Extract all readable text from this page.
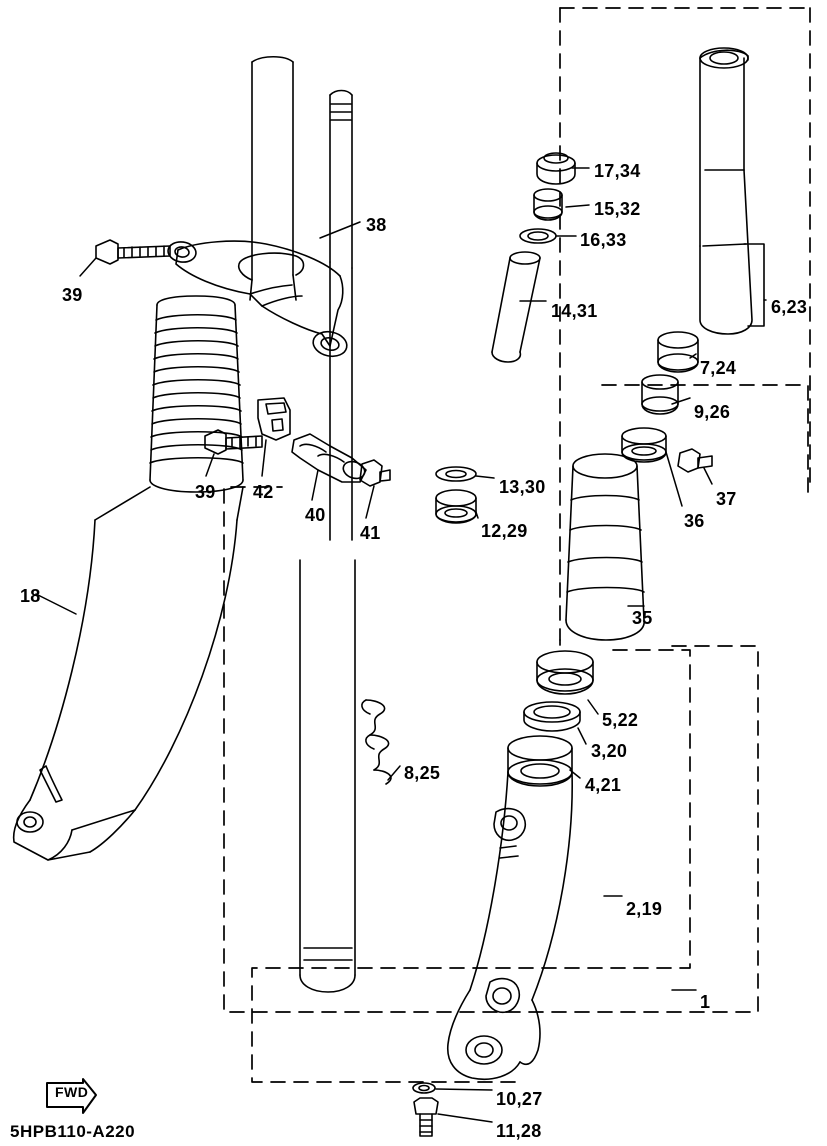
FWD
5HPB110-A220
38
39
17,34
15,32
16,33
14,31	6,23
7,24
9,26
37
36
13,30
12,29
39 42
40
41
18
35
5,22
3,20
4,21
8,25
2,19
1
10,27
11,28
